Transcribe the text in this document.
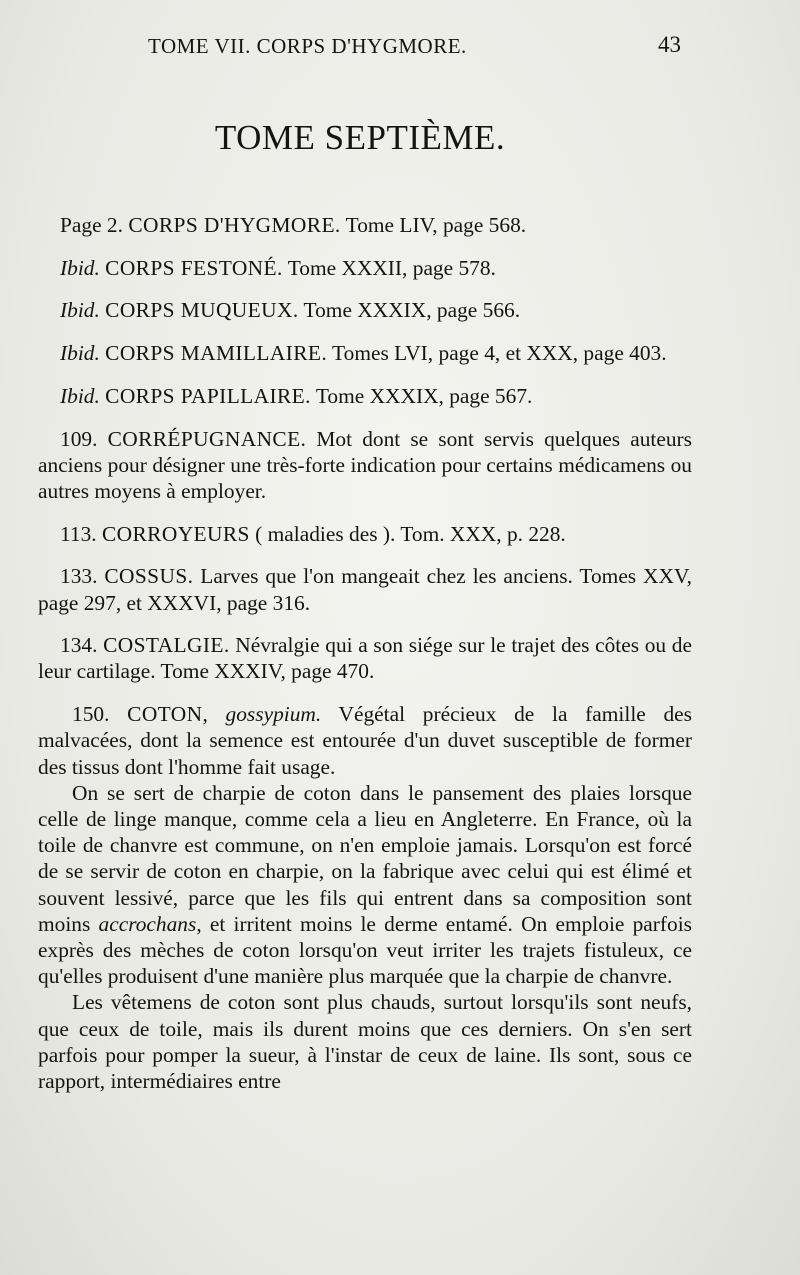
TOME VII. CORPS D'HYGMORE.	43
TOME SEPTIÈME.

Page 2. CORPS D'HYGMORE. Tome LIV, page 568.

Ibid. CORPS FESTONÉ. Tome XXXII, page 578.

Ibid. CORPS MUQUEUX. Tome XXXIX, page 566.

Ibid. CORPS MAMILLAIRE. Tomes LVI, page 4, et XXX, page 403.

Ibid. CORPS PAPILLAIRE. Tome XXXIX, page 567.

109. CORRÉPUGNANCE. Mot dont se sont servis quelques auteurs anciens pour désigner une très-forte indication pour certains médicamens ou autres moyens à employer.

113. CORROYEURS ( maladies des ). Tom. XXX, p. 228.

133. COSSUS. Larves que l'on mangeait chez les anciens. Tomes XXV, page 297, et XXXVI, page 316.

134. COSTALGIE. Névralgie qui a son siége sur le trajet des côtes ou de leur cartilage. Tome XXXIV, page 470.

150. COTON, gossypium. Végétal précieux de la famille des malvacées, dont la semence est entourée d'un duvet susceptible de former des tissus dont l'homme fait usage.

On se sert de charpie de coton dans le pansement des plaies lorsque celle de linge manque, comme cela a lieu en Angleterre. En France, où la toile de chanvre est commune, on n'en emploie jamais. Lorsqu'on est forcé de se servir de coton en charpie, on la fabrique avec celui qui est élimé et souvent lessivé, parce que les fils qui entrent dans sa composition sont moins accrochans, et irritent moins le derme entamé. On emploie parfois exprès des mèches de coton lorsqu'on veut irriter les trajets fistuleux, ce qu'elles produisent d'une manière plus marquée que la charpie de chanvre.

Les vêtemens de coton sont plus chauds, surtout lorsqu'ils sont neufs, que ceux de toile, mais ils durent moins que ces derniers. On s'en sert parfois pour pomper la sueur, à l'instar de ceux de laine. Ils sont, sous ce rapport, intermédiaires entre
